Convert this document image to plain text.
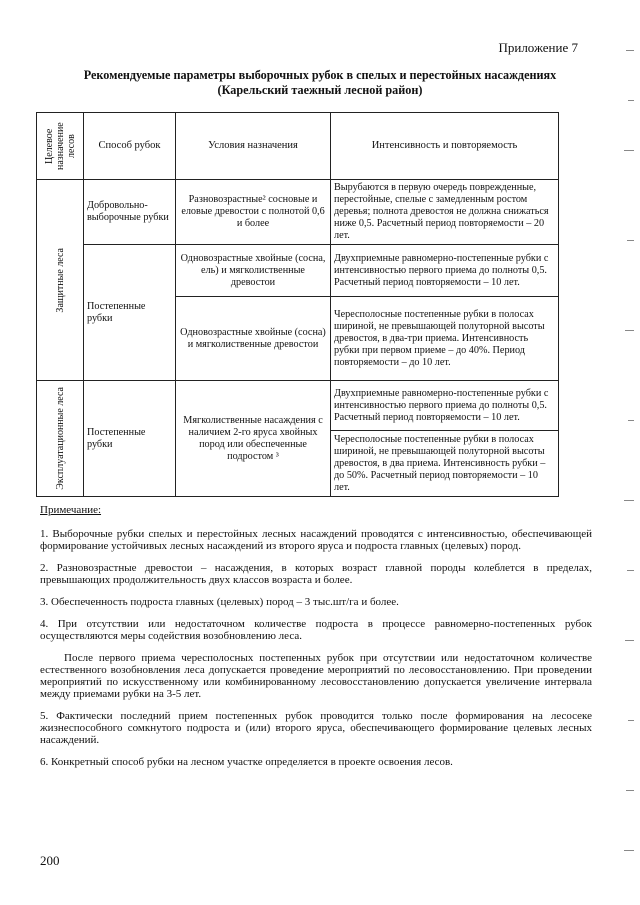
Приложение 7
Рекомендуемые параметры выборочных рубок в спелых и перестойных насаждениях
(Карельский таежный лесной район)
Целевое назначение лесов	Способ рубок	Условия назначения	Интенсивность и повторяемость

Защитные леса	Добровольно-выборочные рубки	Разновозрастные² сосновые и еловые древостои с полнотой 0,6 и более	Вырубаются в первую очередь поврежденные, перестойные, спелые с замедленным ростом деревья; полнота древостоя не должна снижаться ниже 0,5. Расчетный период повторяемости – 20 лет.
	Постепенные рубки	Одновозрастные хвойные (сосна, ель) и мягколиственные древостои	Двухприемные равномерно-постепенные рубки с интенсивностью первого приема до полноты 0,5. Расчетный период повторяемости – 10 лет.
		Одновозрастные хвойные (сосна) и мягколиственные древостои	Чересполосные постепенные рубки в полосах шириной, не превышающей полуторной высоты древостоя, в два-три приема. Интенсивность рубки при первом приеме – до 40%. Период повторяемости – до 10 лет.

Эксплуатационные леса	Постепенные рубки	Мягколиственные насаждения с наличием 2-го яруса хвойных пород или обеспеченные подростом ³	Двухприемные равномерно-постепенные рубки с интенсивностью первого приема до полноты 0,5. Расчетный период повторяемости – 10 лет.
			Чересполосные постепенные рубки в полосах шириной, не превышающей полуторной высоты древостоя, в два приема. Интенсивность рубки – до 50%. Расчетный период повторяемости – 10 лет.
Примечание:

1. Выборочные рубки спелых и перестойных лесных насаждений проводятся с интенсивностью, обеспечивающей формирование устойчивых лесных насаждений из второго яруса и подроста главных (целевых) пород.

2. Разновозрастные древостои – насаждения, в которых возраст главной породы колеблется в пределах, превышающих продолжительность двух классов возраста и более.

3. Обеспеченность подроста главных (целевых) пород – 3 тыс.шт/га и более.

4. При отсутствии или недостаточном количестве подроста в процессе равномерно-постепенных рубок осуществляются меры содействия возобновлению леса.

После первого приема чересполосных постепенных рубок при отсутствии или недостаточном количестве естественного возобновления леса допускается проведение мероприятий по лесовосстановлению. При проведении мероприятий по искусственному или комбинированному лесовосстановлению допускается увеличение интервала между приемами рубки на 3-5 лет.

5. Фактически последний прием постепенных рубок проводится только после формирования на лесосеке жизнеспособного сомкнутого подроста и (или) второго яруса, обеспечивающего формирование целевых лесных насаждений.

6. Конкретный способ рубки на лесном участке определяется в проекте освоения лесов.

200
